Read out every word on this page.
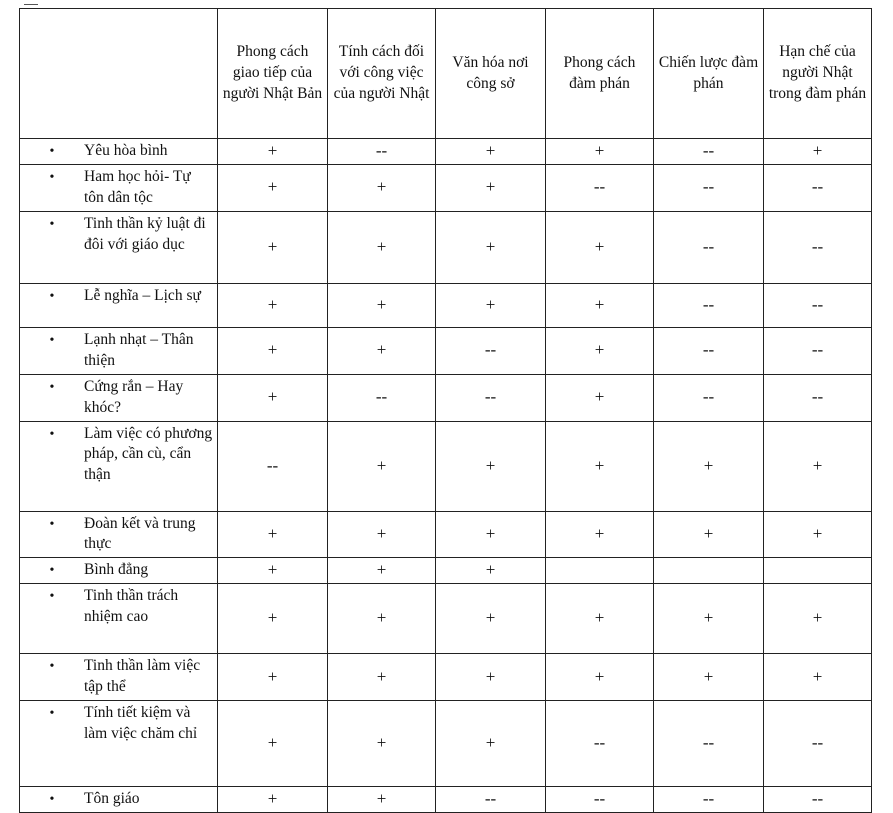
	Phong cách giao tiếp của người Nhật Bản	Tính cách đối với công việc của người Nhật	Văn hóa nơi công sở	Phong cách đàm phán	Chiến lược đàm phán	Hạn chế của người Nhật trong đàm phán

• Yêu hòa bình	+	--	+	+	--	+

• Ham học hỏi- Tự tôn dân tộc	+	+	+	--	--	--

• Tinh thần kỷ luật đi đôi với giáo dục	+	+	+	+	--	--

• Lễ nghĩa – Lịch sự	+	+	+	+	--	--

• Lạnh nhạt – Thân thiện	+	+	--	+	--	--

• Cứng rắn – Hay khóc?	+	--	--	+	--	--

• Làm việc có phương pháp, cần cù, cẩn thận	--	+	+	+	+	+

• Đoàn kết và trung thực	+	+	+	+	+	+

• Bình đẳng	+	+	+			

• Tinh thần trách nhiệm cao	+	+	+	+	+	+

• Tinh thần làm việc tập thể	+	+	+	+	+	+

• Tính tiết kiệm và làm việc chăm chỉ	+	+	+	--	--	--

• Tôn giáo	+	+	--	--	--	--
